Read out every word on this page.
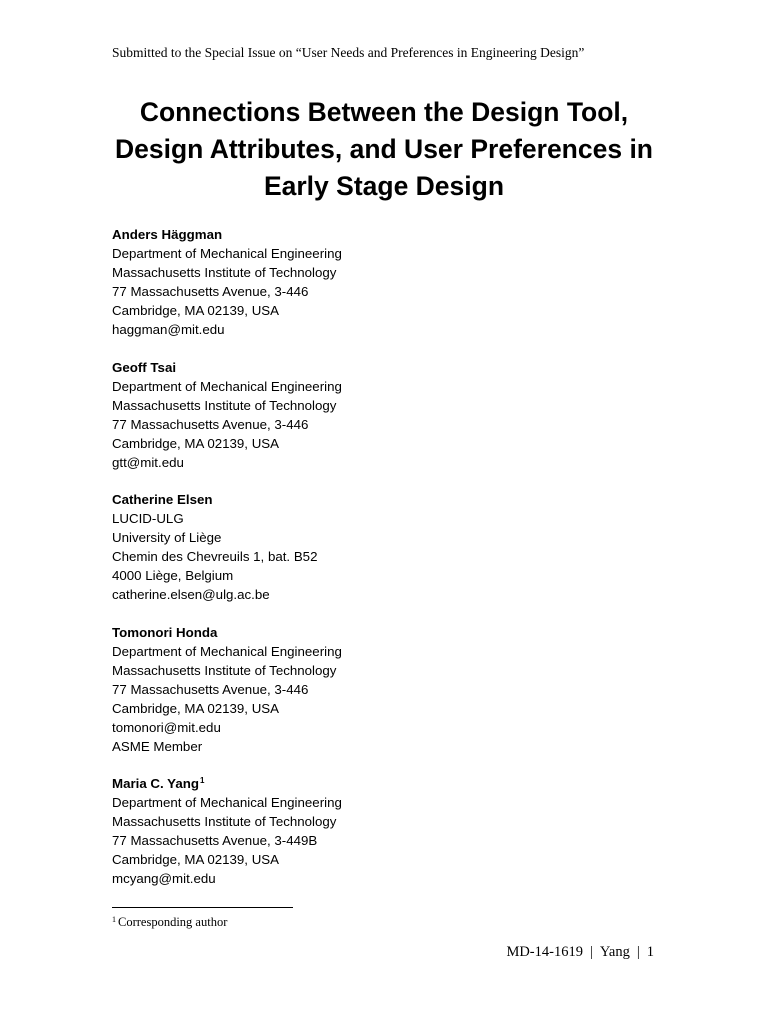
Submitted to the Special Issue on “User Needs and Preferences in Engineering Design”
Connections Between the Design Tool,
Design Attributes, and User Preferences in
Early Stage Design
Anders Häggman
Department of Mechanical Engineering
Massachusetts Institute of Technology
77 Massachusetts Avenue, 3-446
Cambridge, MA 02139, USA
haggman@mit.edu
Geoff Tsai
Department of Mechanical Engineering
Massachusetts Institute of Technology
77 Massachusetts Avenue, 3-446
Cambridge, MA 02139, USA
gtt@mit.edu
Catherine Elsen
LUCID-ULG
University of Liège
Chemin des Chevreuils 1, bat. B52
4000 Liège, Belgium
catherine.elsen@ulg.ac.be
Tomonori Honda
Department of Mechanical Engineering
Massachusetts Institute of Technology
77 Massachusetts Avenue, 3-446
Cambridge, MA 02139, USA
tomonori@mit.edu
ASME Member
Maria C. Yang$^1$
Department of Mechanical Engineering
Massachusetts Institute of Technology
77 Massachusetts Avenue, 3-449B
Cambridge, MA 02139, USA
mcyang@mit.edu
$^1$ Corresponding author
MD-14-1619 | Yang | 1
